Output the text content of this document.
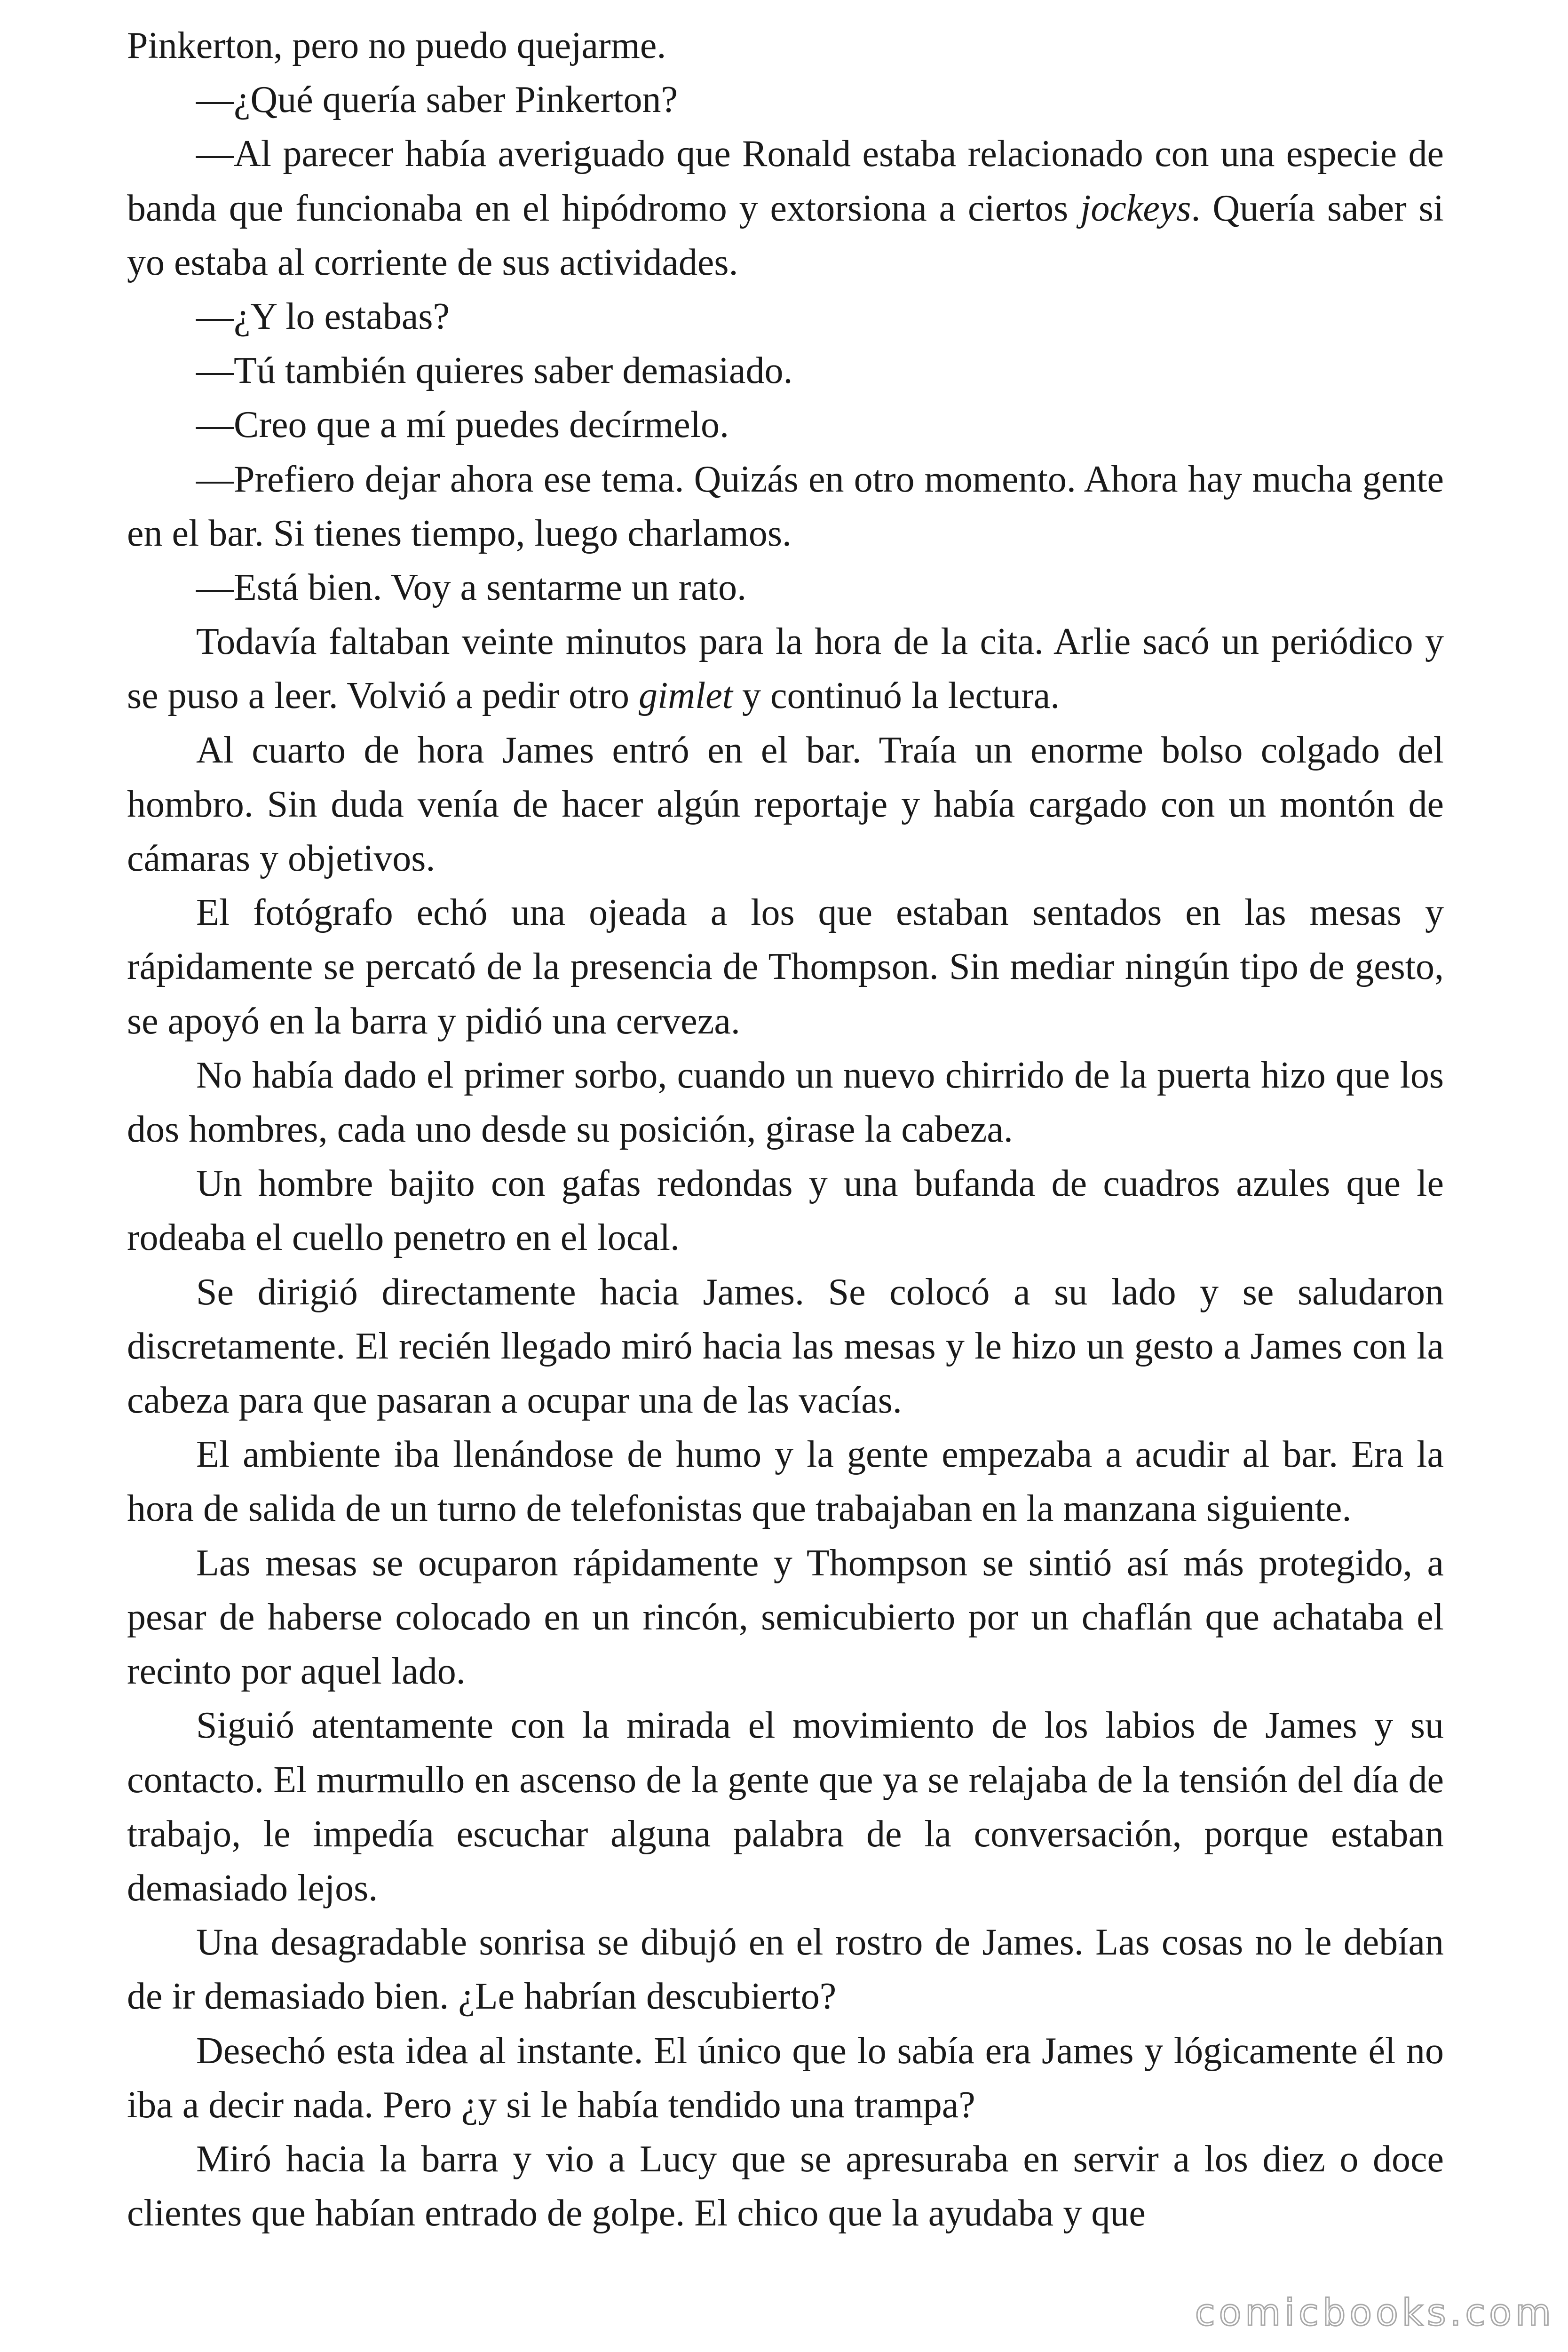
Pinkerton, pero no puedo quejarme.

—¿Qué quería saber Pinkerton?

—Al parecer había averiguado que Ronald estaba relacionado con una especie de banda que funcionaba en el hipódromo y extorsiona a ciertos jockeys. Quería saber si yo estaba al corriente de sus actividades.

—¿Y lo estabas?

—Tú también quieres saber demasiado.

—Creo que a mí puedes decírmelo.

—Prefiero dejar ahora ese tema. Quizás en otro momento. Ahora hay mucha gente en el bar. Si tienes tiempo, luego charlamos.

—Está bien. Voy a sentarme un rato.

Todavía faltaban veinte minutos para la hora de la cita. Arlie sacó un periódico y se puso a leer. Volvió a pedir otro gimlet y continuó la lectura.

Al cuarto de hora James entró en el bar. Traía un enorme bolso colgado del hombro. Sin duda venía de hacer algún reportaje y había cargado con un montón de cámaras y objetivos.

El fotógrafo echó una ojeada a los que estaban sentados en las mesas y rápidamente se percató de la presencia de Thompson. Sin mediar ningún tipo de gesto, se apoyó en la barra y pidió una cerveza.

No había dado el primer sorbo, cuando un nuevo chirrido de la puerta hizo que los dos hombres, cada uno desde su posición, girase la cabeza.

Un hombre bajito con gafas redondas y una bufanda de cuadros azules que le rodeaba el cuello penetro en el local.

Se dirigió directamente hacia James. Se colocó a su lado y se saludaron discretamente. El recién llegado miró hacia las mesas y le hizo un gesto a James con la cabeza para que pasaran a ocupar una de las vacías.

El ambiente iba llenándose de humo y la gente empezaba a acudir al bar. Era la hora de salida de un turno de telefonistas que trabajaban en la manzana siguiente.

Las mesas se ocuparon rápidamente y Thompson se sintió así más protegido, a pesar de haberse colocado en un rincón, semicubierto por un chaflán que achataba el recinto por aquel lado.

Siguió atentamente con la mirada el movimiento de los labios de James y su contacto. El murmullo en ascenso de la gente que ya se relajaba de la tensión del día de trabajo, le impedía escuchar alguna palabra de la conversación, porque estaban demasiado lejos.

Una desagradable sonrisa se dibujó en el rostro de James. Las cosas no le debían de ir demasiado bien. ¿Le habrían descubierto?

Desechó esta idea al instante. El único que lo sabía era James y lógicamente él no iba a decir nada. Pero ¿y si le había tendido una trampa?

Miró hacia la barra y vio a Lucy que se apresuraba en servir a los diez o doce clientes que habían entrado de golpe. El chico que la ayudaba y que

comicbooks.com
